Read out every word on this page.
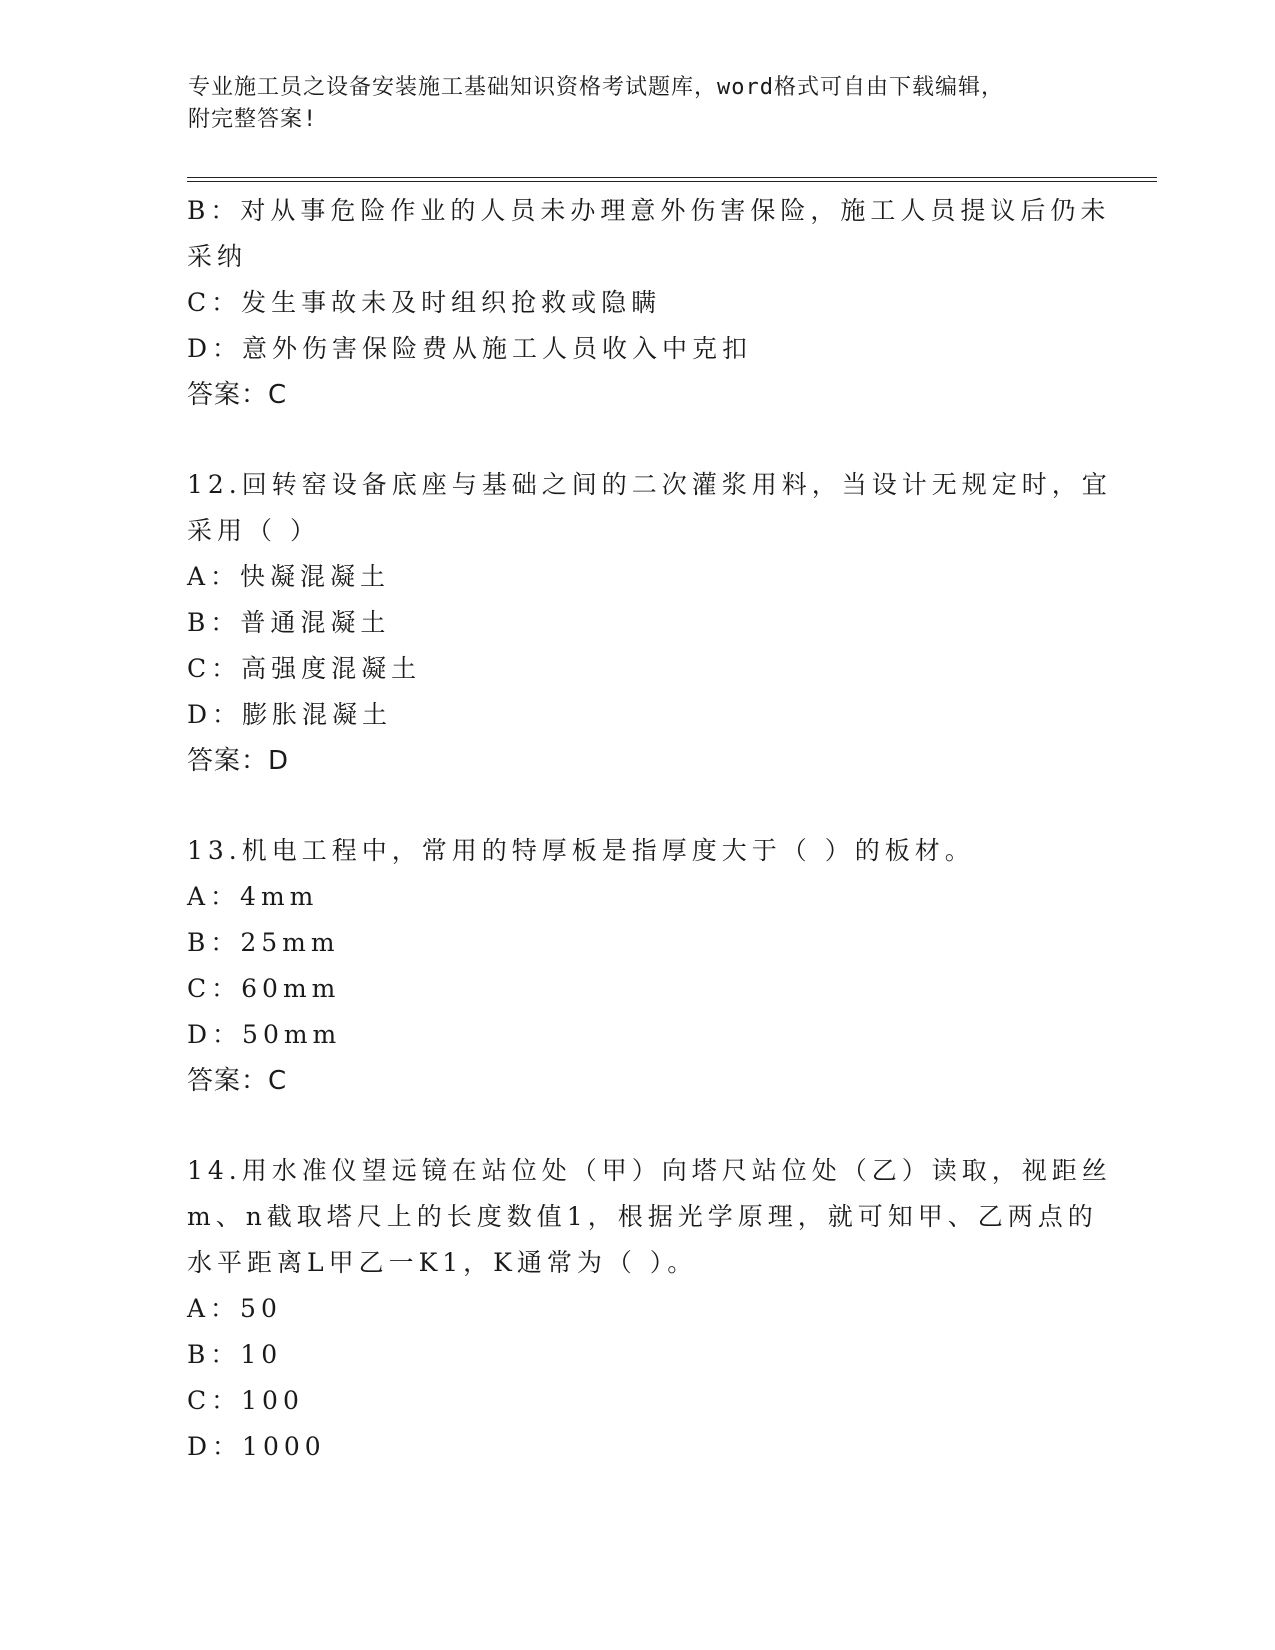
专业施工员之设备安装施工基础知识资格考试题库，word格式可自由下载编辑，
附完整答案!
B：对从事危险作业的人员未办理意外伤害保险，施工人员提议后仍未
采纳
C：发生事故未及时组织抢救或隐瞒
D：意外伤害保险费从施工人员收入中克扣
答案：C
12.回转窑设备底座与基础之间的二次灌浆用料，当设计无规定时，宜
采用（ ）
A：快凝混凝土
B：普通混凝土
C：高强度混凝土
D：膨胀混凝土
答案：D
13.机电工程中，常用的特厚板是指厚度大于（ ）的板材。
A：4mm
B：25mm
C：60mm
D：50mm
答案：C
14.用水准仪望远镜在站位处（甲）向塔尺站位处（乙）读取，视距丝
m、n截取塔尺上的长度数值1，根据光学原理，就可知甲、乙两点的
水平距离L甲乙一K1，K通常为（ ）。
A：50
B：10
C：100
D：1000
